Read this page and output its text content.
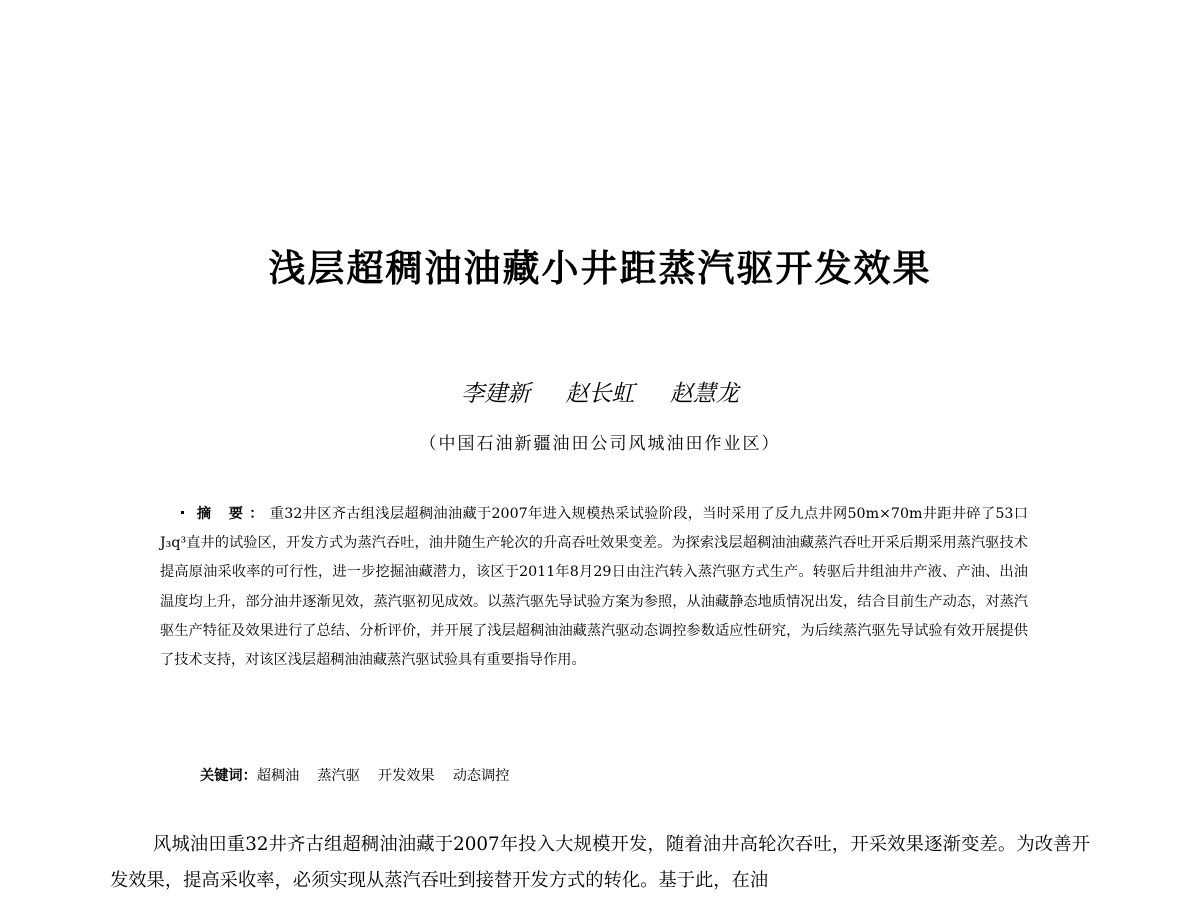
浅层超稠油油藏小井距蒸汽驱开发效果
李建新 赵长虹 赵慧龙
（中国石油新疆油田公司风城油田作业区）
摘 要：重32井区齐古组浅层超稠油油藏于2007年进入规模热采试验阶段，当时采用了反九点井网50m×70m井距井碎了53口J₃q³直井的试验区，开发方式为蒸汽吞吐，油井随生产轮次的升高吞吐效果变差。为探索浅层超稠油油藏蒸汽吞吐开采后期采用蒸汽驱技术提高原油采收率的可行性，进一步挖掘油藏潜力，该区于2011年8月29日由注汽转入蒸汽驱方式生产。转驱后井组油井产液、产油、出油温度均上升，部分油井逐渐见效，蒸汽驱初见成效。以蒸汽驱先导试验方案为参照，从油藏静态地质情况出发，结合目前生产动态，对蒸汽驱生产特征及效果进行了总结、分析评价，并开展了浅层超稠油油藏蒸汽驱动态调控参数适应性研究，为后续蒸汽驱先导试验有效开展提供了技术支持，对该区浅层超稠油油藏蒸汽驱试验具有重要指导作用。
关键词：超稠油 蒸汽驱 开发效果 动态调控
风城油田重32井齐古组超稠油油藏于2007年投入大规模开发，随着油井高轮次吞吐，开采效果逐渐变差。为改善开发效果，提高采收率，必须实现从蒸汽吞吐到接替开发方式的转化。基于此，在油
